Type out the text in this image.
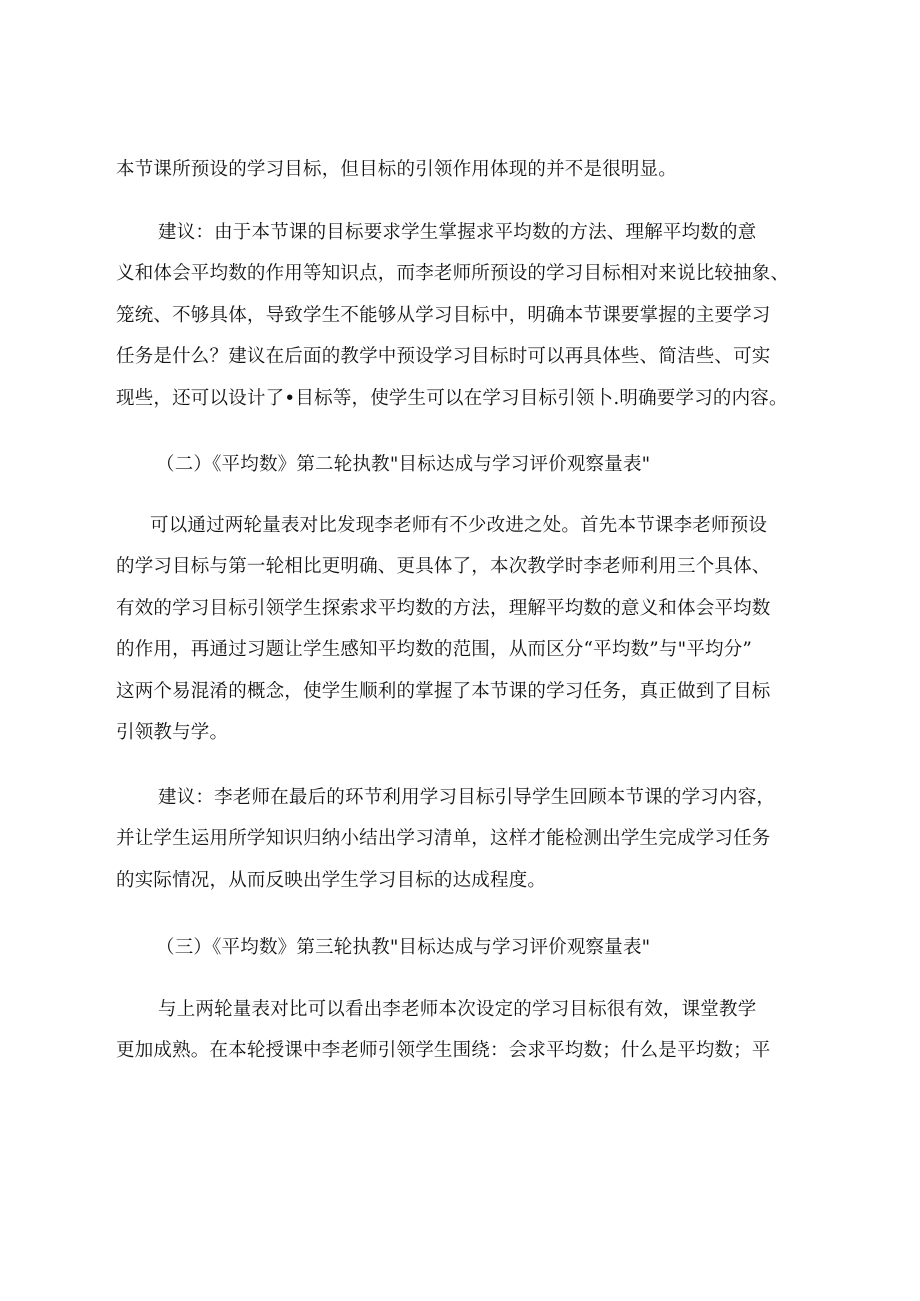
本节课所预设的学习目标，但目标的引领作用体现的并不是很明显。
建议：由于本节课的目标要求学生掌握求平均数的方法、理解平均数的意
义和体会平均数的作用等知识点，而李老师所预设的学习目标相对来说比较抽象、
笼统、不够具体，导致学生不能够从学习目标中，明确本节课要掌握的主要学习
任务是什么？建议在后面的教学中预设学习目标时可以再具体些、简洁些、可实
现些，还可以设计了•目标等，使学生可以在学习目标引领卜.明确要学习的内容。
（二）《平均数》第二轮执教"目标达成与学习评价观察量表"
可以通过两轮量表对比发现李老师有不少改进之处。首先本节课李老师预设
的学习目标与第一轮相比更明确、更具体了，本次教学时李老师利用三个具体、
有效的学习目标引领学生探索求平均数的方法，理解平均数的意义和体会平均数
的作用，再通过习题让学生感知平均数的范围，从而区分“平均数”与"平均分”
这两个易混淆的概念，使学生顺利的掌握了本节课的学习任务，真正做到了目标
引领教与学。
建议：李老师在最后的环节利用学习目标引导学生回顾本节课的学习内容，
并让学生运用所学知识归纳小结出学习清单，这样才能检测出学生完成学习任务
的实际情况，从而反映出学生学习目标的达成程度。
（三）《平均数》第三轮执教"目标达成与学习评价观察量表"
与上两轮量表对比可以看出李老师本次设定的学习目标很有效，课堂教学
更加成熟。在本轮授课中李老师引领学生围绕：会求平均数；什么是平均数；平
